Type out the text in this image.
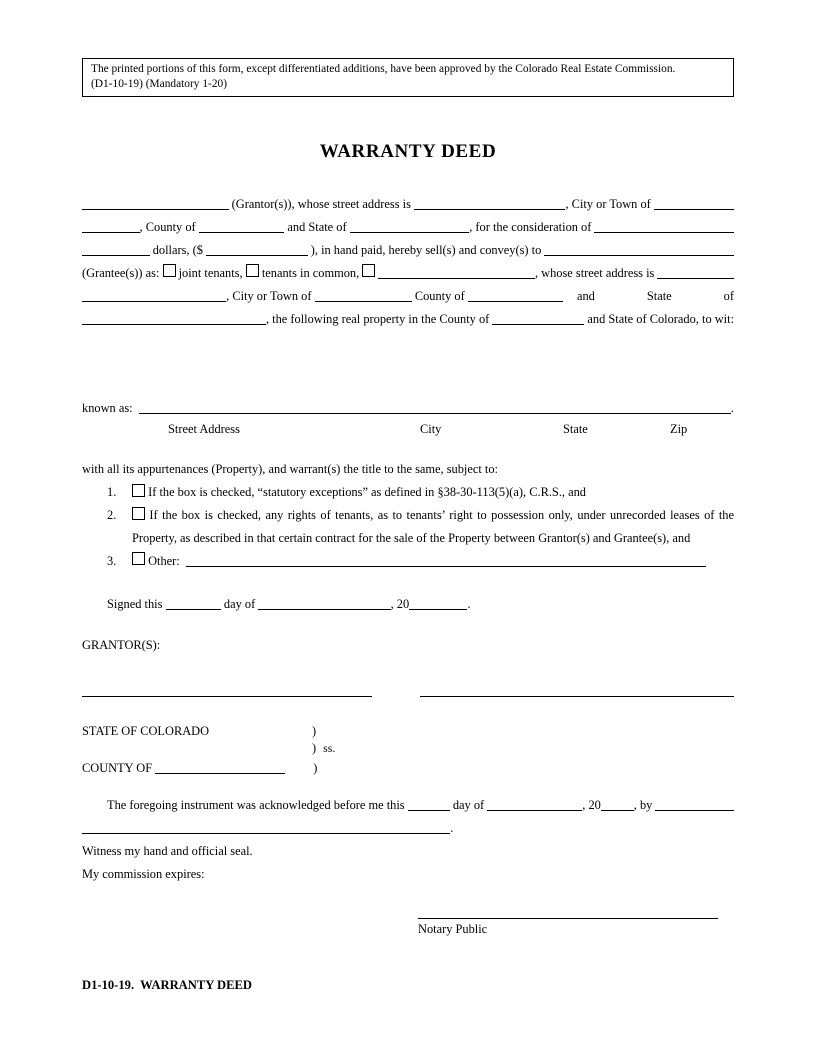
The printed portions of this form, except differentiated additions, have been approved by the Colorado Real Estate Commission.
(D1-10-19) (Mandatory 1-20)
WARRANTY DEED
(Grantor(s)), whose street address is	, City or Town of
, County of	and State of	, for the consideration of
dollars, ($	), in hand paid, hereby sell(s) and convey(s) to
(Grantee(s)) as: joint tenants, tenants in common,
	, whose street address is
, City or Town of	County of	and	State	of
, the following real property in the County of	and State of Colorado, to wit:
known as:	.
Street Address	City	State	Zip
with all its appurtenances (Property), and warrant(s) the title to the same, subject to:
1.	If the box is checked, “statutory exceptions” as defined in §38-30-113(5)(a), C.R.S., and
2.	If the box is checked, any rights of tenants, as to tenants’ right to possession only, under unrecorded leases of the Property, as described in that certain contract for the sale of the Property between Grantor(s) and Grantee(s), and
3.	Other:
Signed this	day of	, 20	.
GRANTOR(S):
STATE OF COLORADO	)
) ss.
COUNTY OF	)
The foregoing instrument was acknowledged before me this	day of	, 20	, by
.
Witness my hand and official seal.
My commission expires:
Notary Public
D1-10-19.  WARRANTY DEED
